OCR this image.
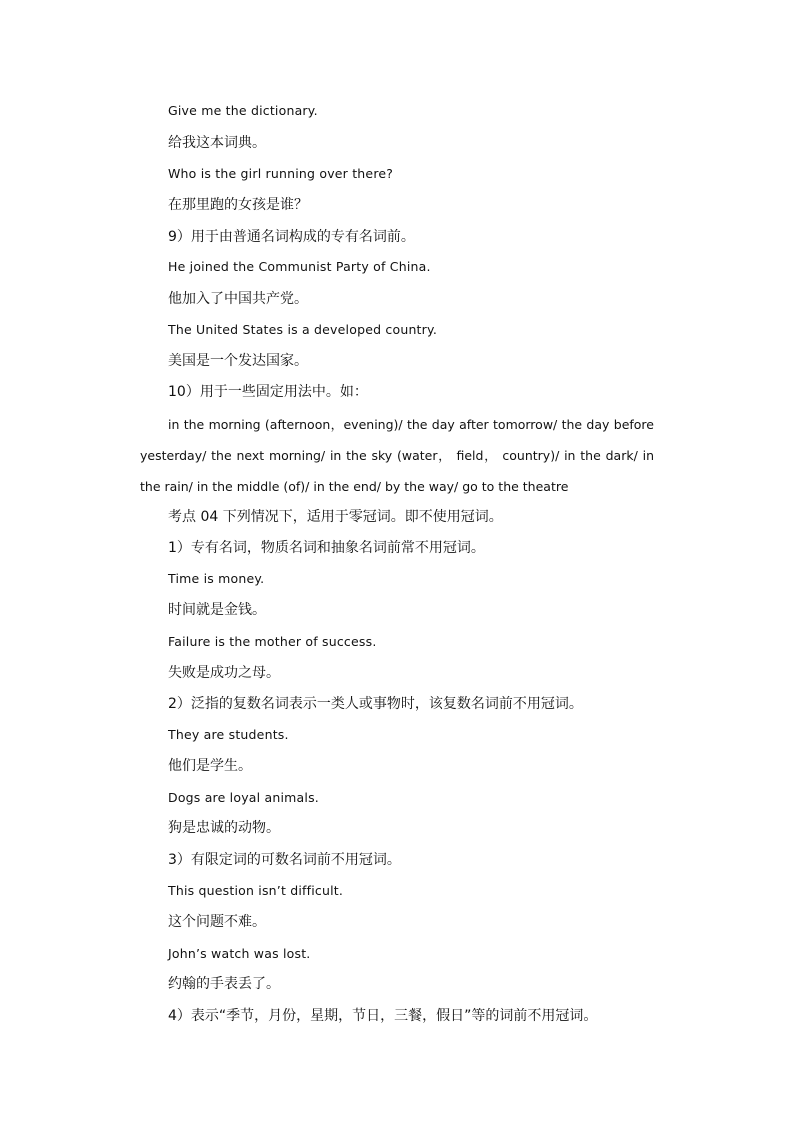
Give me the dictionary.
给我这本词典。
Who is the girl running over there?
在那里跑的女孩是谁？
9）用于由普通名词构成的专有名词前。
He joined the Communist Party of China.
他加入了中国共产党。
The United States is a developed country.
美国是一个发达国家。
10）用于一些固定用法中。如：
in the morning (afternoon，evening)/ the day after tomorrow/ the day before
yesterday/ the next morning/ in the sky (water， field， country)/ in the dark/ in
the rain/ in the middle (of)/ in the end/ by the way/ go to the theatre
考点 04 下列情况下，适用于零冠词。即不使用冠词。
1）专有名词，物质名词和抽象名词前常不用冠词。
Time is money.
时间就是金钱。
Failure is the mother of success.
失败是成功之母。
2）泛指的复数名词表示一类人或事物时，该复数名词前不用冠词。
They are students.
他们是学生。
Dogs are loyal animals.
狗是忠诚的动物。
3）有限定词的可数名词前不用冠词。
This question isn’t difficult.
这个问题不难。
John’s watch was lost.
约翰的手表丢了。
4）表示“季节，月份，星期，节日，三餐，假日”等的词前不用冠词。
